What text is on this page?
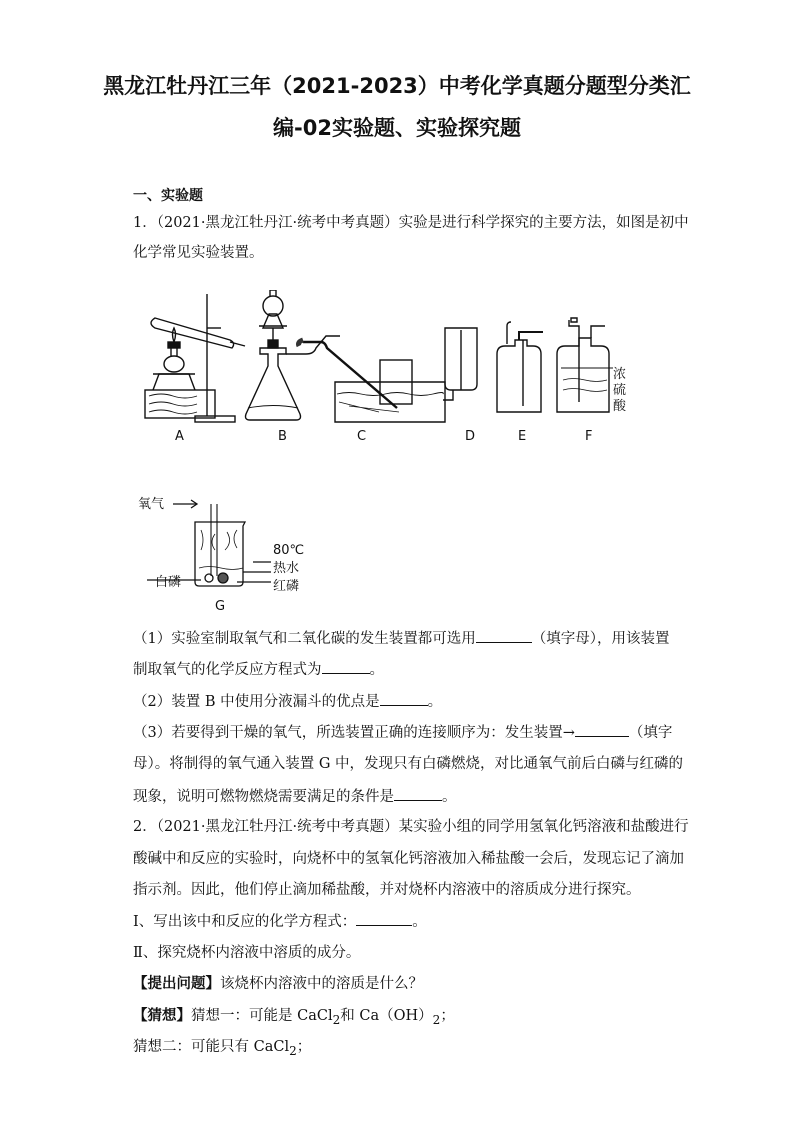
黑龙江牡丹江三年（2021-2023）中考化学真题分题型分类汇
编-02实验题、实验探究题
一、实验题
1．（2021·黑龙江牡丹江·统考中考真题）实验是进行科学探究的主要方法，如图是初中
化学常见实验装置。
A	B	C	D	E	F
浓
硫
酸
氧气
80℃
热水
红磷
白磷
G
（1）实验室制取氧气和二氧化碳的发生装置都可选用	（填字母），用该装置
制取氧气的化学反应方程式为	。
（2）装置 B 中使用分液漏斗的优点是	。
（3）若要得到干燥的氧气，所选装置正确的连接顺序为：发生装置→	（填字
母）。将制得的氧气通入装置 G 中，发现只有白磷燃烧，对比通氧气前后白磷与红磷的
现象，说明可燃物燃烧需要满足的条件是	。
2．（2021·黑龙江牡丹江·统考中考真题）某实验小组的同学用氢氧化钙溶液和盐酸进行
酸碱中和反应的实验时，向烧杯中的氢氧化钙溶液加入稀盐酸一会后，发现忘记了滴加
指示剂。因此，他们停止滴加稀盐酸，并对烧杯内溶液中的溶质成分进行探究。
Ⅰ、写出该中和反应的化学方程式：	。
Ⅱ、探究烧杯内溶液中溶质的成分。
【提出问题】该烧杯内溶液中的溶质是什么？
【猜想】猜想一：可能是 CaCl$_2$和 $Ca(OH)_2$；
猜想二：可能只有 CaCl$_2$；
